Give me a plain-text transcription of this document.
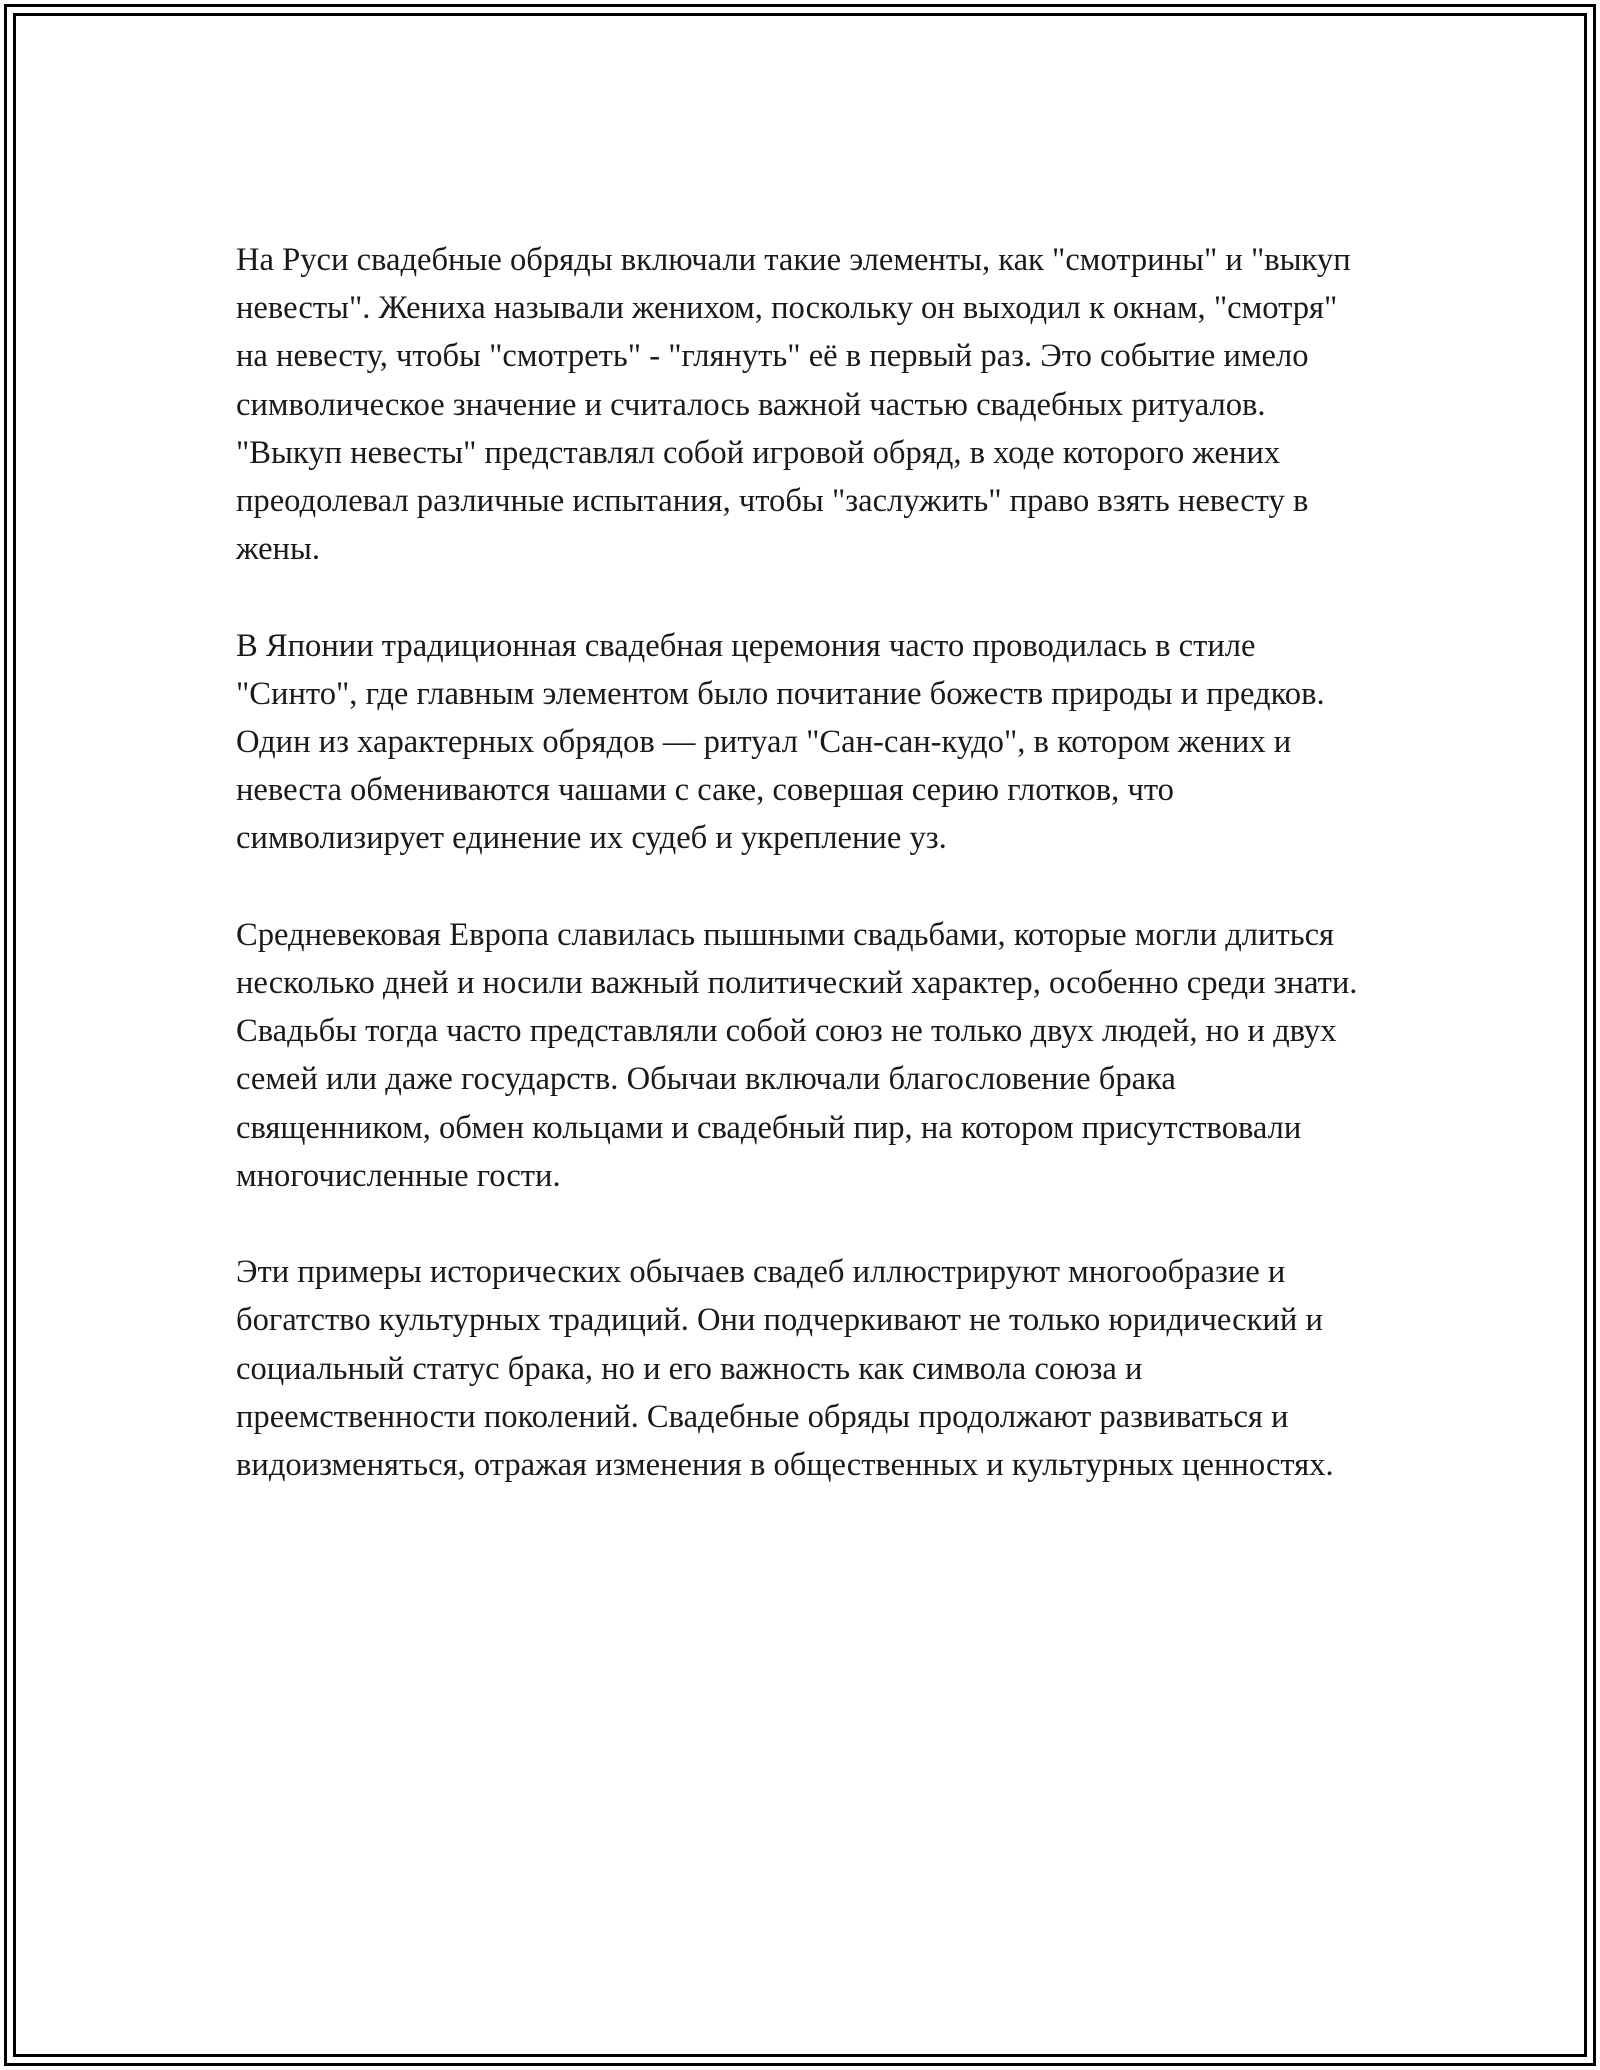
На Руси свадебные обряды включали такие элементы, как "смотрины" и "выкуп невесты". Жениха называли женихом, поскольку он выходил к окнам, "смотря" на невесту, чтобы "смотреть" - "глянуть" её в первый раз. Это событие имело символическое значение и считалось важной частью свадебных ритуалов. "Выкуп невесты" представлял собой игровой обряд, в ходе которого жених преодолевал различные испытания, чтобы "заслужить" право взять невесту в жены.

В Японии традиционная свадебная церемония часто проводилась в стиле "Синто", где главным элементом было почитание божеств природы и предков. Один из характерных обрядов — ритуал "Сан-сан-кудо", в котором жених и невеста обмениваются чашами с саке, совершая серию глотков, что символизирует единение их судеб и укрепление уз.

Средневековая Европа славилась пышными свадьбами, которые могли длиться несколько дней и носили важный политический характер, особенно среди знати. Свадьбы тогда часто представляли собой союз не только двух людей, но и двух семей или даже государств. Обычаи включали благословение брака священником, обмен кольцами и свадебный пир, на котором присутствовали многочисленные гости.

Эти примеры исторических обычаев свадеб иллюстрируют многообразие и богатство культурных традиций. Они подчеркивают не только юридический и социальный статус брака, но и его важность как символа союза и преемственности поколений. Свадебные обряды продолжают развиваться и видоизменяться, отражая изменения в общественных и культурных ценностях.
